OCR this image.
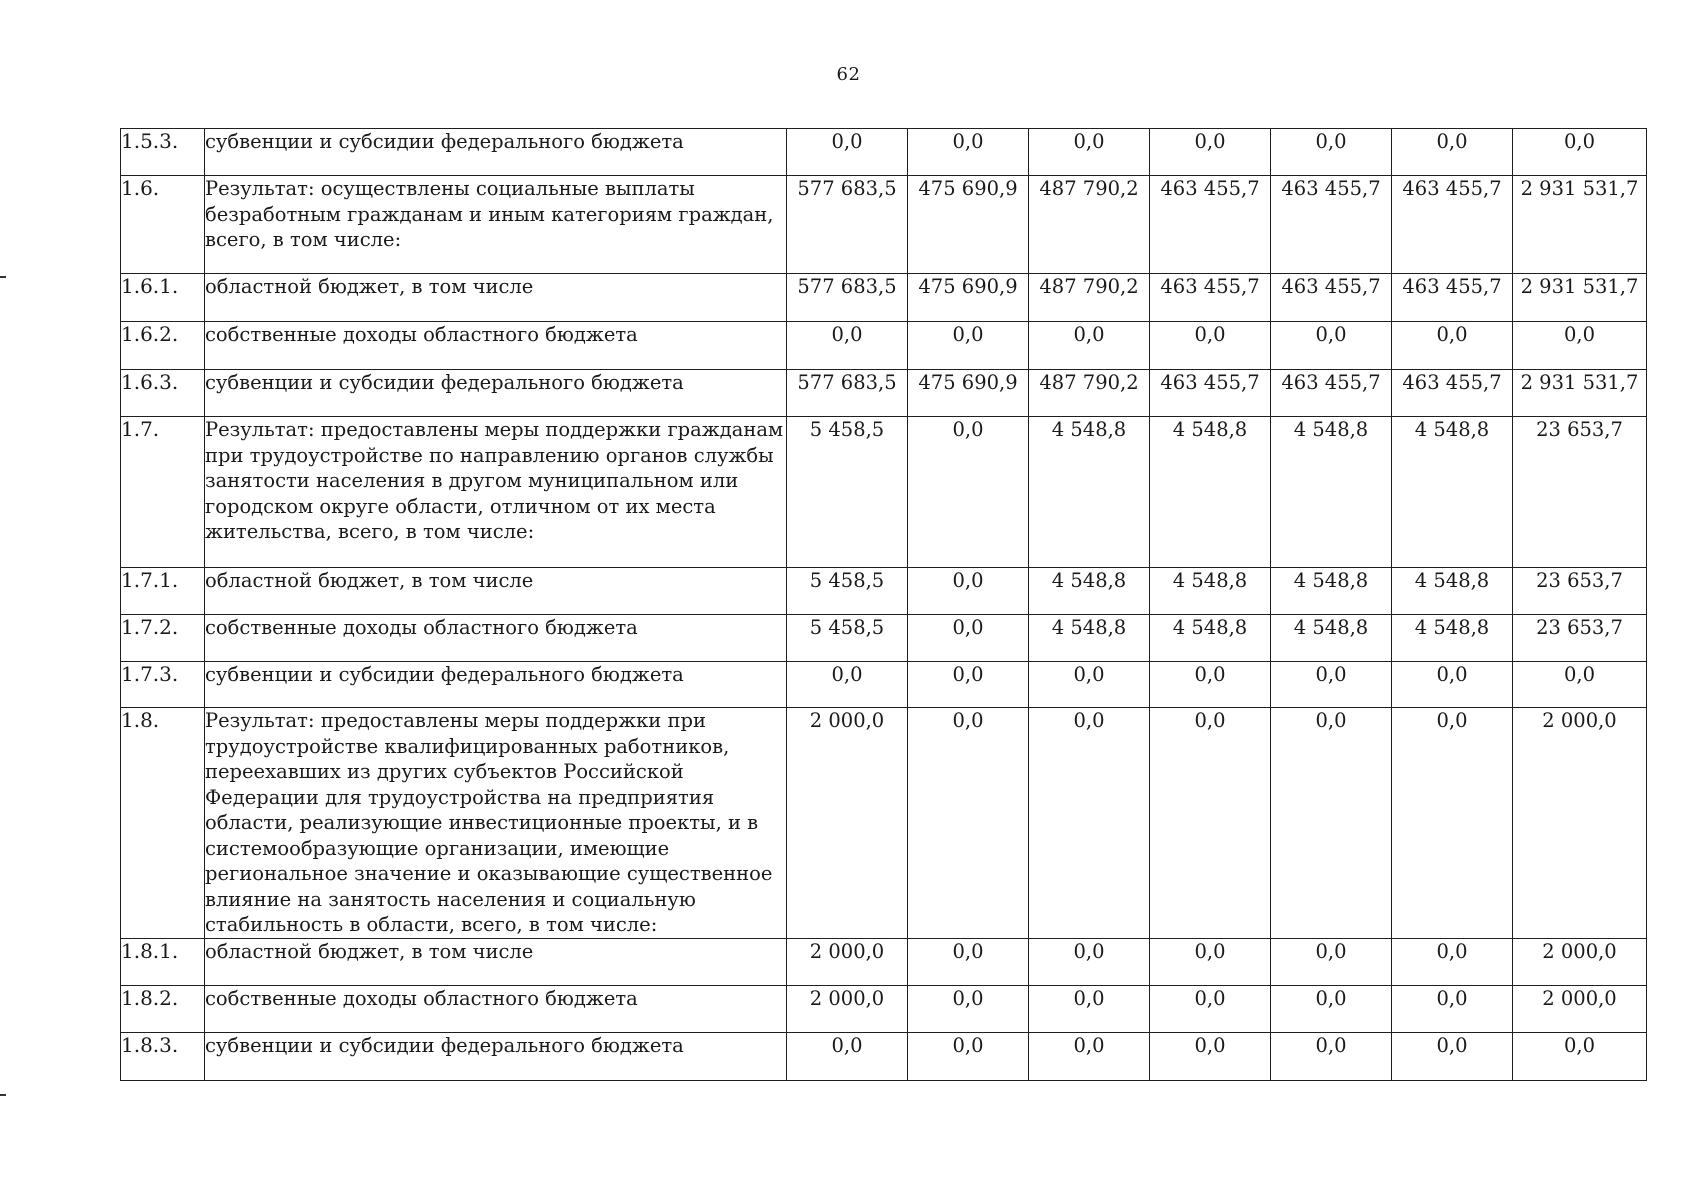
62
1.5.3.	субвенции и субсидии федерального бюджета	0,0	0,0	0,0	0,0	0,0	0,0	0,0
1.6.	Результат: осуществлены социальные выплаты безработным гражданам и иным категориям граждан, всего, в том числе:	577 683,5	475 690,9	487 790,2	463 455,7	463 455,7	463 455,7	2 931 531,7
1.6.1.	областной бюджет, в том числе	577 683,5	475 690,9	487 790,2	463 455,7	463 455,7	463 455,7	2 931 531,7
1.6.2.	собственные доходы областного бюджета	0,0	0,0	0,0	0,0	0,0	0,0	0,0
1.6.3.	субвенции и субсидии федерального бюджета	577 683,5	475 690,9	487 790,2	463 455,7	463 455,7	463 455,7	2 931 531,7
1.7.	Результат: предоставлены меры поддержки гражданам при трудоустройстве по направлению органов службы занятости населения в другом муниципальном или городском округе области, отличном от их места жительства, всего, в том числе:	5 458,5	0,0	4 548,8	4 548,8	4 548,8	4 548,8	23 653,7
1.7.1.	областной бюджет, в том числе	5 458,5	0,0	4 548,8	4 548,8	4 548,8	4 548,8	23 653,7
1.7.2.	собственные доходы областного бюджета	5 458,5	0,0	4 548,8	4 548,8	4 548,8	4 548,8	23 653,7
1.7.3.	субвенции и субсидии федерального бюджета	0,0	0,0	0,0	0,0	0,0	0,0	0,0
1.8.	Результат: предоставлены меры поддержки при трудоустройстве квалифицированных работников, переехавших из других субъектов Российской Федерации для трудоустройства на предприятия области, реализующие инвестиционные проекты, и в системообразующие организации, имеющие региональное значение и оказывающие существенное влияние на занятость населения и социальную стабильность в области, всего, в том числе:	2 000,0	0,0	0,0	0,0	0,0	0,0	2 000,0
1.8.1.	областной бюджет, в том числе	2 000,0	0,0	0,0	0,0	0,0	0,0	2 000,0
1.8.2.	собственные доходы областного бюджета	2 000,0	0,0	0,0	0,0	0,0	0,0	2 000,0
1.8.3.	субвенции и субсидии федерального бюджета	0,0	0,0	0,0	0,0	0,0	0,0	0,0
